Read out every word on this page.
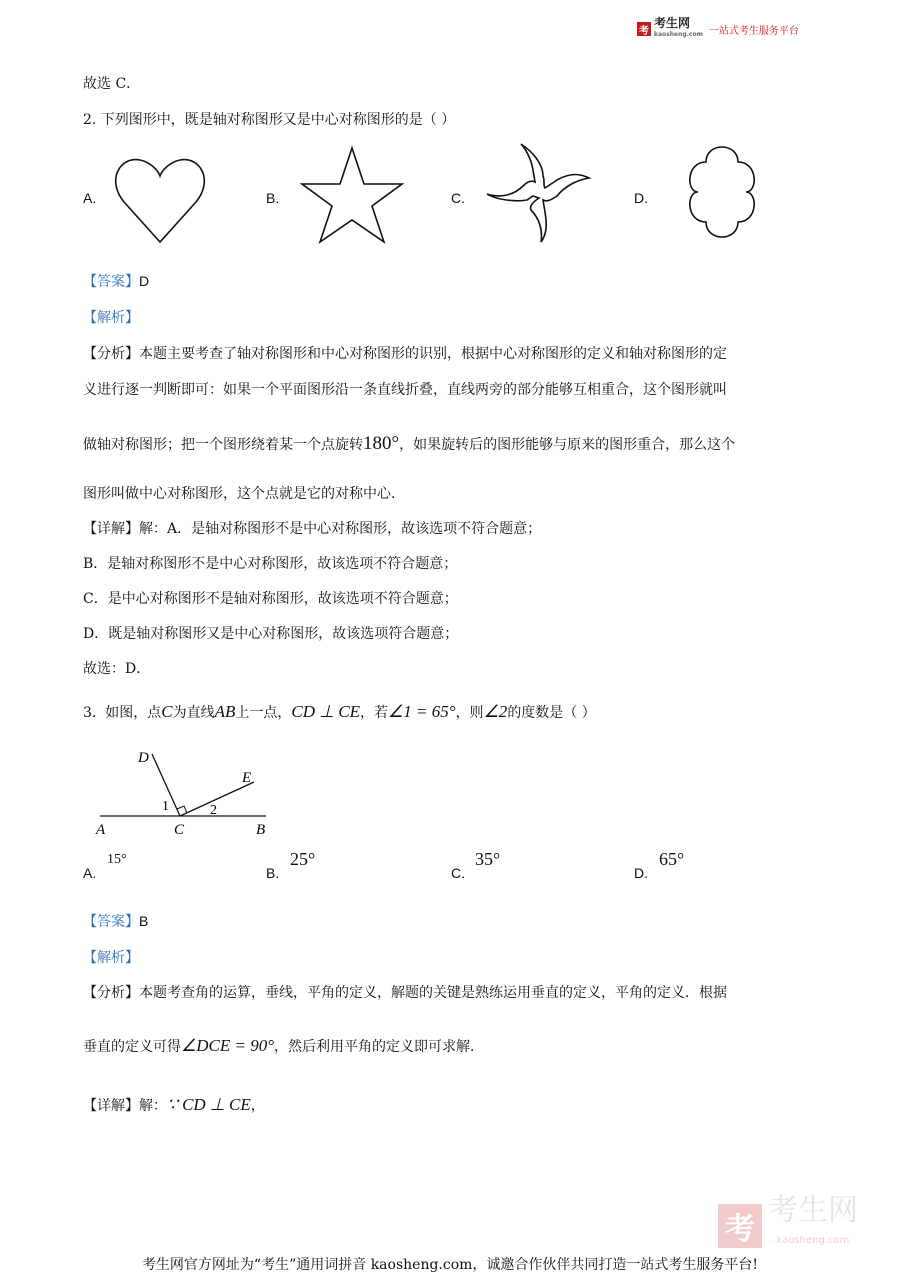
考
考生网
kaosheng.com 一站式考生服务平台
故选 C．
2. 下列图形中，既是轴对称图形又是中心对称图形的是（ ）
A.	B.	C.	D.
【答案】D
【解析】
【分析】本题主要考查了轴对称图形和中心对称图形的识别，根据中心对称图形的定义和轴对称图形的定
义进行逐一判断即可：如果一个平面图形沿一条直线折叠，直线两旁的部分能够互相重合，这个图形就叫
做轴对称图形；把一个图形绕着某一个点旋转180°，如果旋转后的图形能够与原来的图形重合，那么这个
图形叫做中心对称图形，这个点就是它的对称中心．
【详解】解：A．是轴对称图形不是中心对称图形，故该选项不符合题意；
B．是轴对称图形不是中心对称图形，故该选项不符合题意；
C．是中心对称图形不是轴对称图形，故该选项不符合题意；
D．既是轴对称图形又是中心对称图形，故该选项符合题意；
故选：D．
3. 如图，点C为直线AB上一点，CD ⊥ CE，若∠1 = 65°，则∠2的度数是（ ）
D
E
A	C	B
1	2
A.
15°
B.
25°
C.
35°
D.
65°
【答案】B
【解析】
【分析】本题考查角的运算，垂线，平角的定义，解题的关键是熟练运用垂直的定义，平角的定义．根据
垂直的定义可得∠DCE = 90°，然后利用平角的定义即可求解．
【详解】解：∵ CD ⊥ CE，
考
考生网
kaosheng.com
考生网官方网址为“考生”通用词拼音 kaosheng.com，诚邀合作伙伴共同打造一站式考生服务平台!
